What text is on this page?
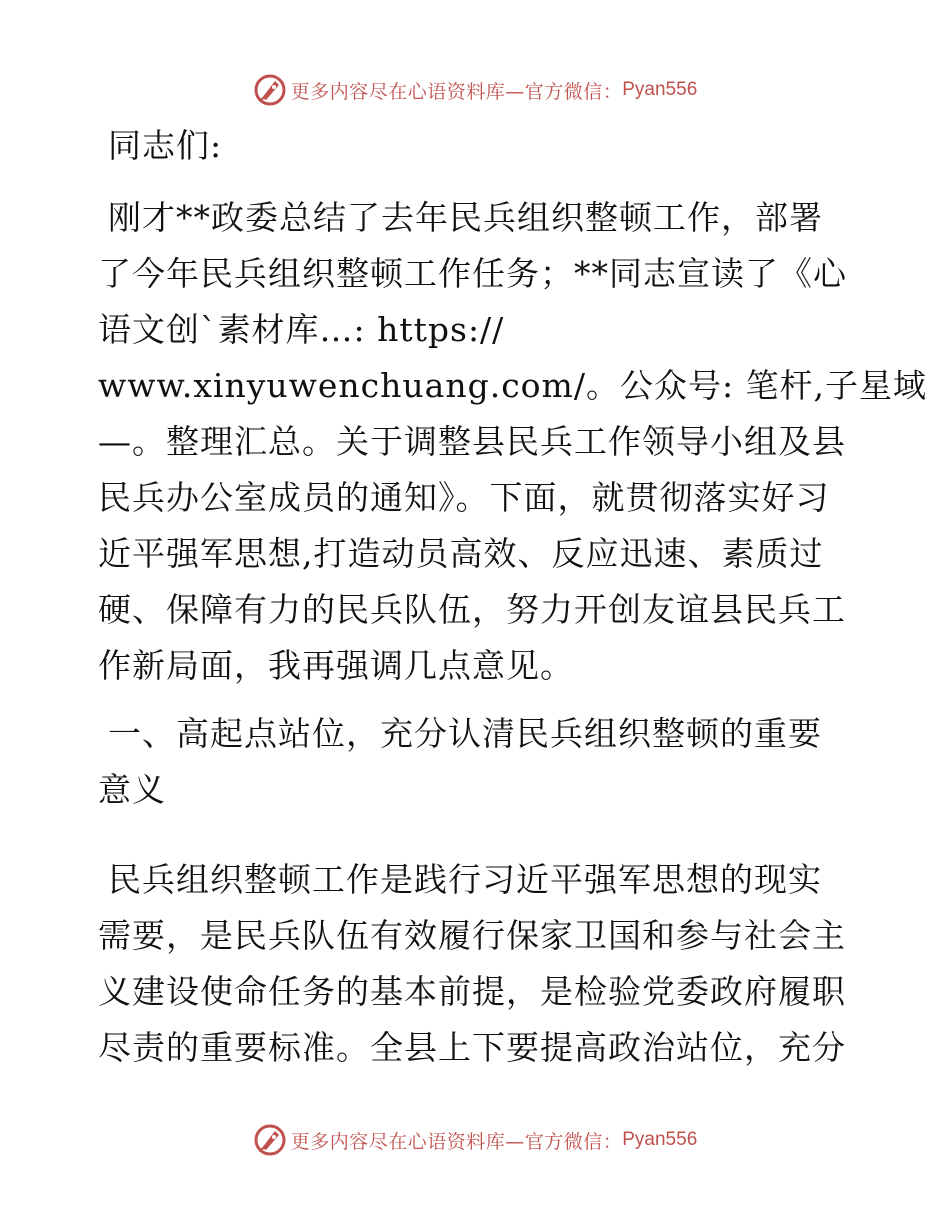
更多内容尽在心语资料库—官方微信： Pyan556
同志们:
刚才**政委总结了去年民兵组织整顿工作，部署
了今年民兵组织整顿工作任务；**同志宣读了《心
语文创`素材库…: https://
www.xinyuwenchuang.com/。公众号: 笔杆,子星域
—。整理汇总。关于调整县民兵工作领导小组及县
民兵办公室成员的通知》。下面，就贯彻落实好习
近平强军思想,打造动员高效、反应迅速、素质过
硬、保障有力的民兵队伍，努力开创友谊县民兵工
作新局面，我再强调几点意见。
一、高起点站位，充分认清民兵组织整顿的重要
意义
民兵组织整顿工作是践行习近平强军思想的现实
需要，是民兵队伍有效履行保家卫国和参与社会主
义建设使命任务的基本前提，是检验党委政府履职
尽责的重要标准。全县上下要提高政治站位，充分
更多内容尽在心语资料库—官方微信： Pyan556
